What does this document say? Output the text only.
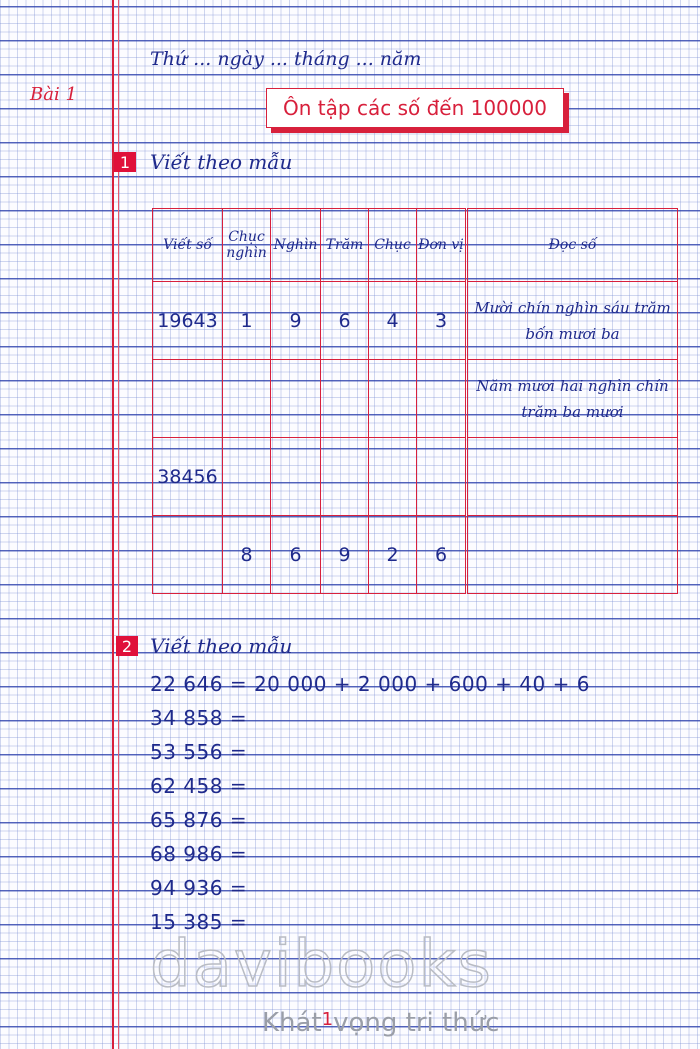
Thứ ... ngày ... tháng ... năm
Bài 1
Ôn tập các số đến 100000
1 Viết theo mẫu
Viết số	Chục nghìn	Nghìn	Trăm	Chục	Đơn vị	Đọc số
19643	1	9	6	4	3	Mười chín nghìn sáu trăm bốn mươi ba
						Năm mươi hai nghìn chín trăm ba mươi
38456						
	8	6	9	2	6	
2 Viết theo mẫu
22 646 = 20 000 + 2 000 + 600 + 40 + 6
34 858 =
53 556 =
62 458 =
65 876 =
68 986 =
94 936 =
15 385 =
davibooks
Khát$^1$vọng tri thức
